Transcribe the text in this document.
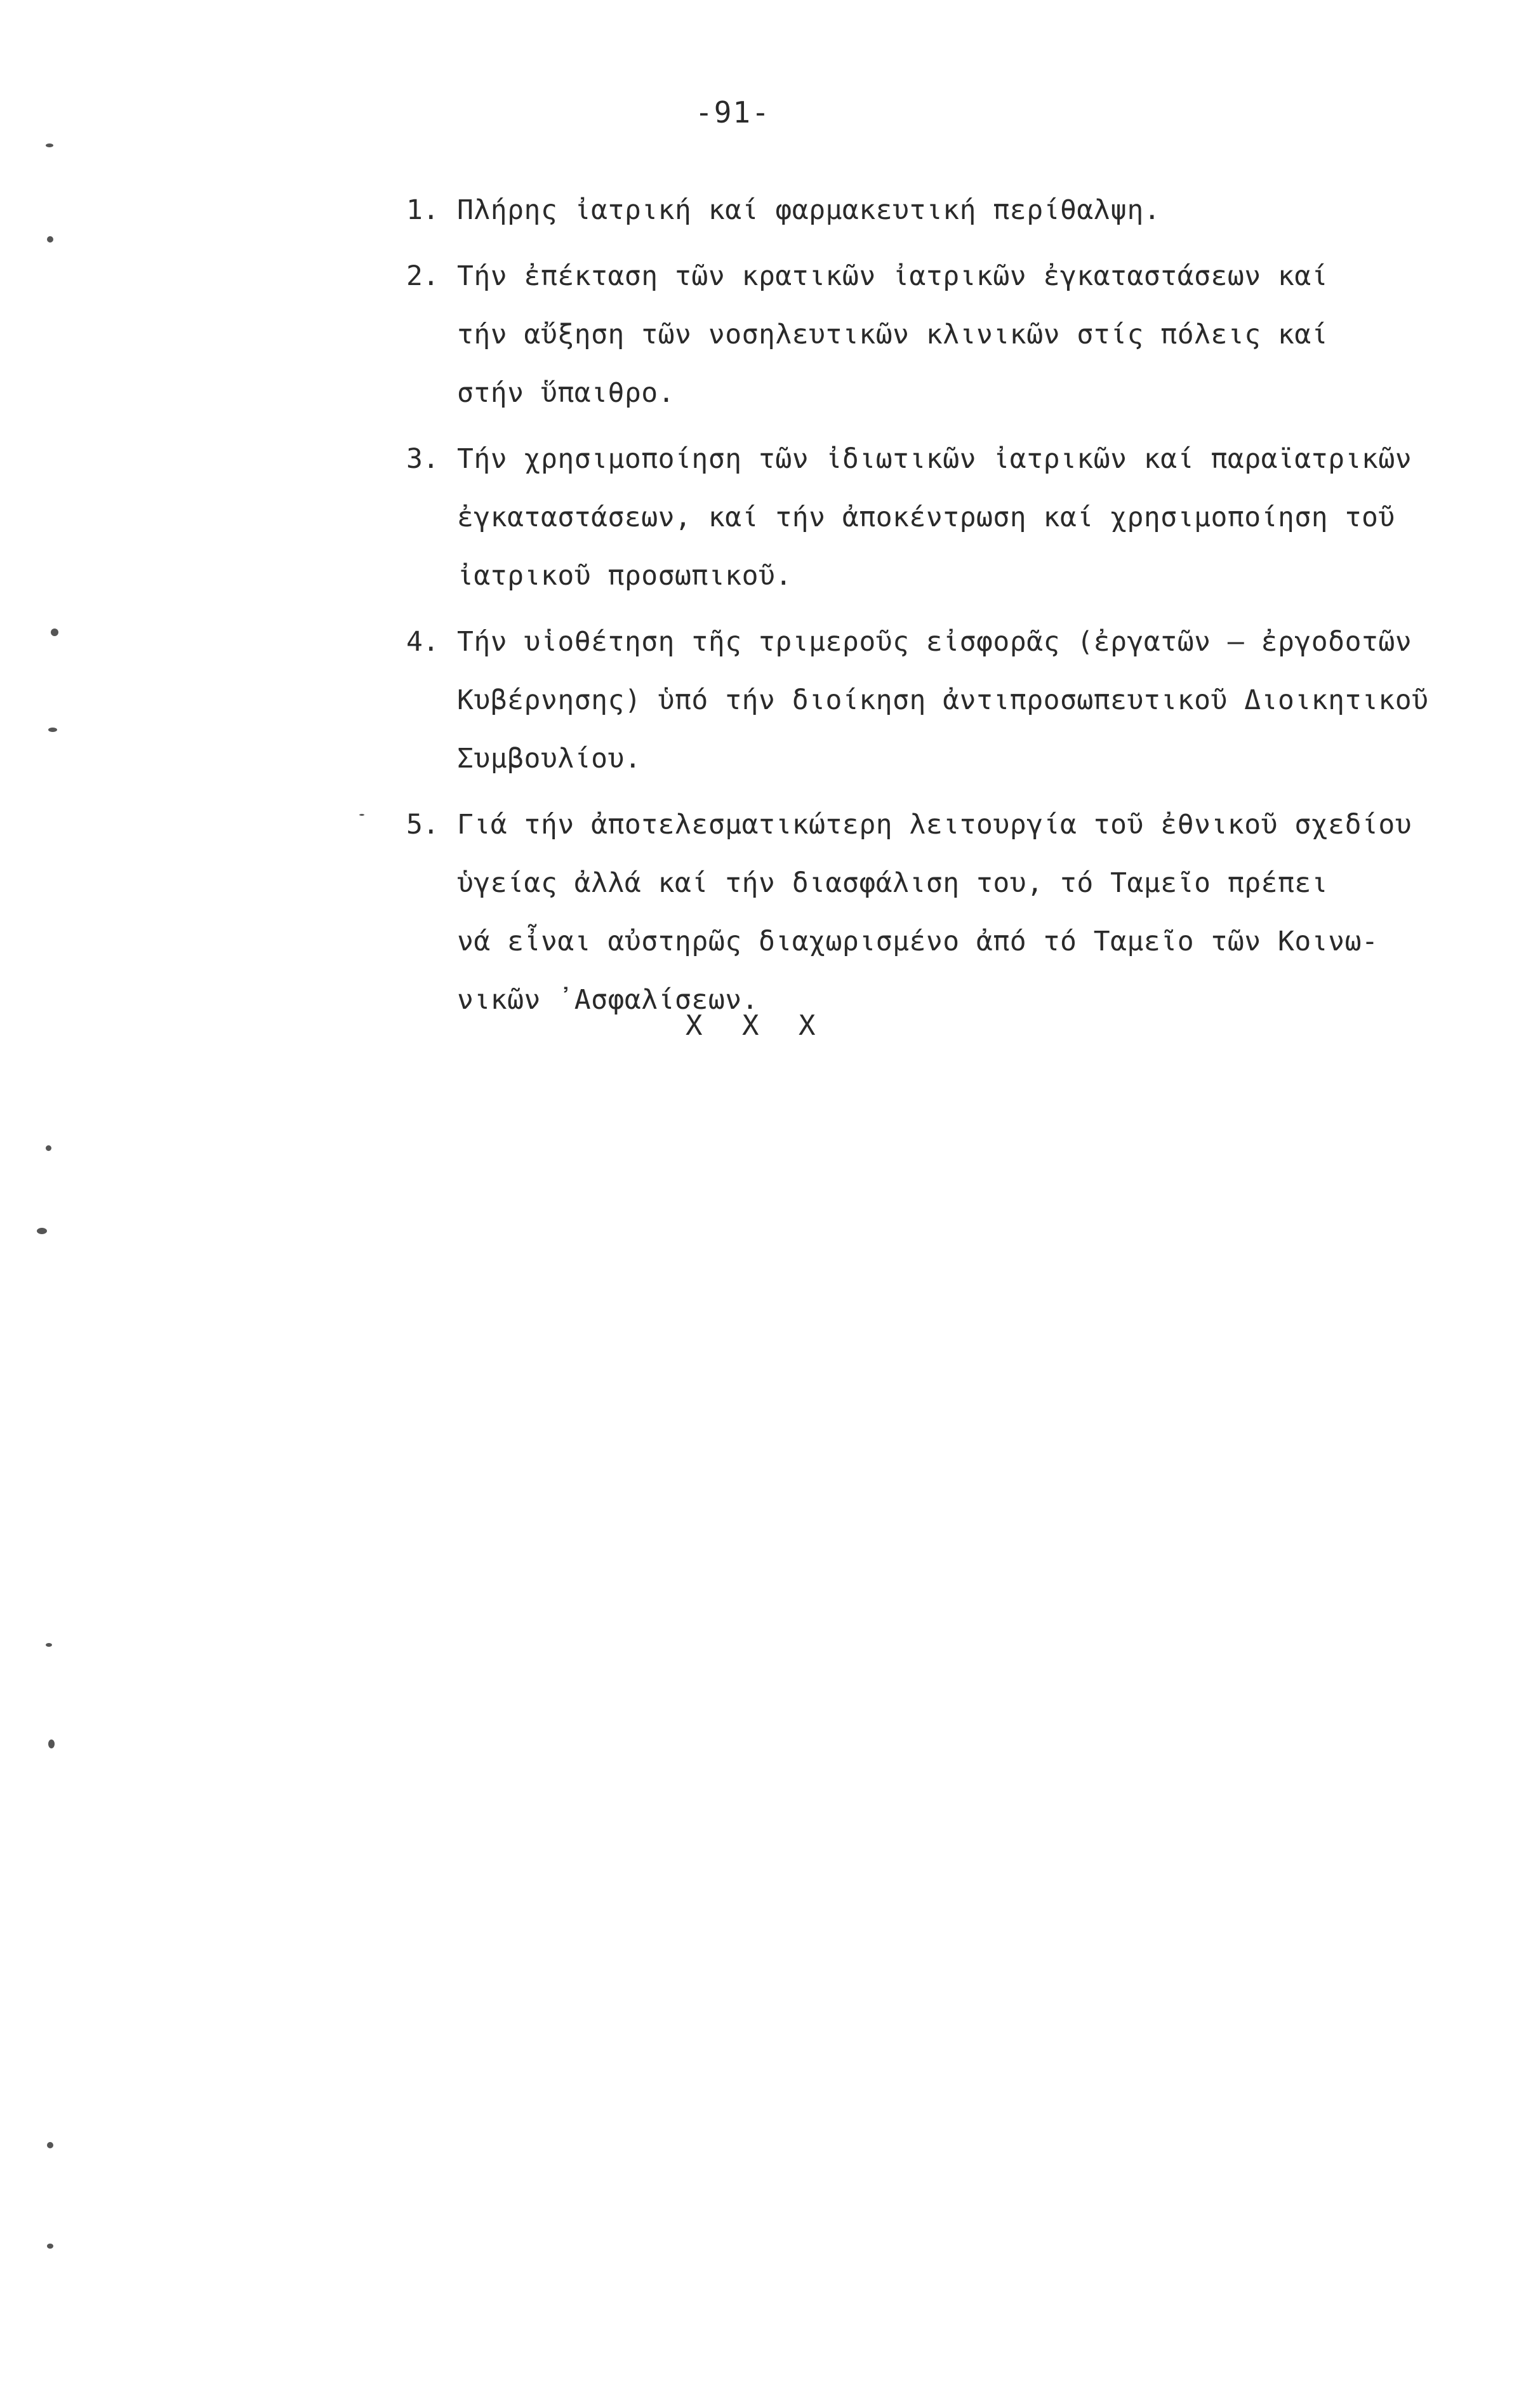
-91-
1. Πλήρης ἰατρική καί φαρμακευτική περίθαλψη.
2. Τήν ἐπέκταση τῶν κρατικῶν ἰατρικῶν ἐγκαταστάσεων καί
τήν αὔξηση τῶν νοσηλευτικῶν κλινικῶν στίς πόλεις καί
στήν ὕπαιθρο.
3. Τήν χρησιμοποίηση τῶν ἰδιωτικῶν ἰατρικῶν καί παραϊατρικῶν
ἐγκαταστάσεων, καί τήν ἀποκέντρωση καί χρησιμοποίηση τοῦ
ἰατρικοῦ προσωπικοῦ.
4. Τήν υἱοθέτηση τῆς τριμεροῦς εἰσφορᾶς (ἐργατῶν – ἐργοδοτῶν
Κυβέρνησης) ὑπό τήν διοίκηση ἀντιπροσωπευτικοῦ Διοικητικοῦ
Συμβουλίου.
5. Γιά τήν ἀποτελεσματικώτερη λειτουργία τοῦ ἐθνικοῦ σχεδίου
ὑγείας ἀλλά καί τήν διασφάλιση του, τό Ταμεῖο πρέπει
νά εἶναι αὐστηρῶς διαχωρισμένο ἀπό τό Ταμεῖο τῶν Κοινω-
νικῶν ᾿Ασφαλίσεων.
X X X
